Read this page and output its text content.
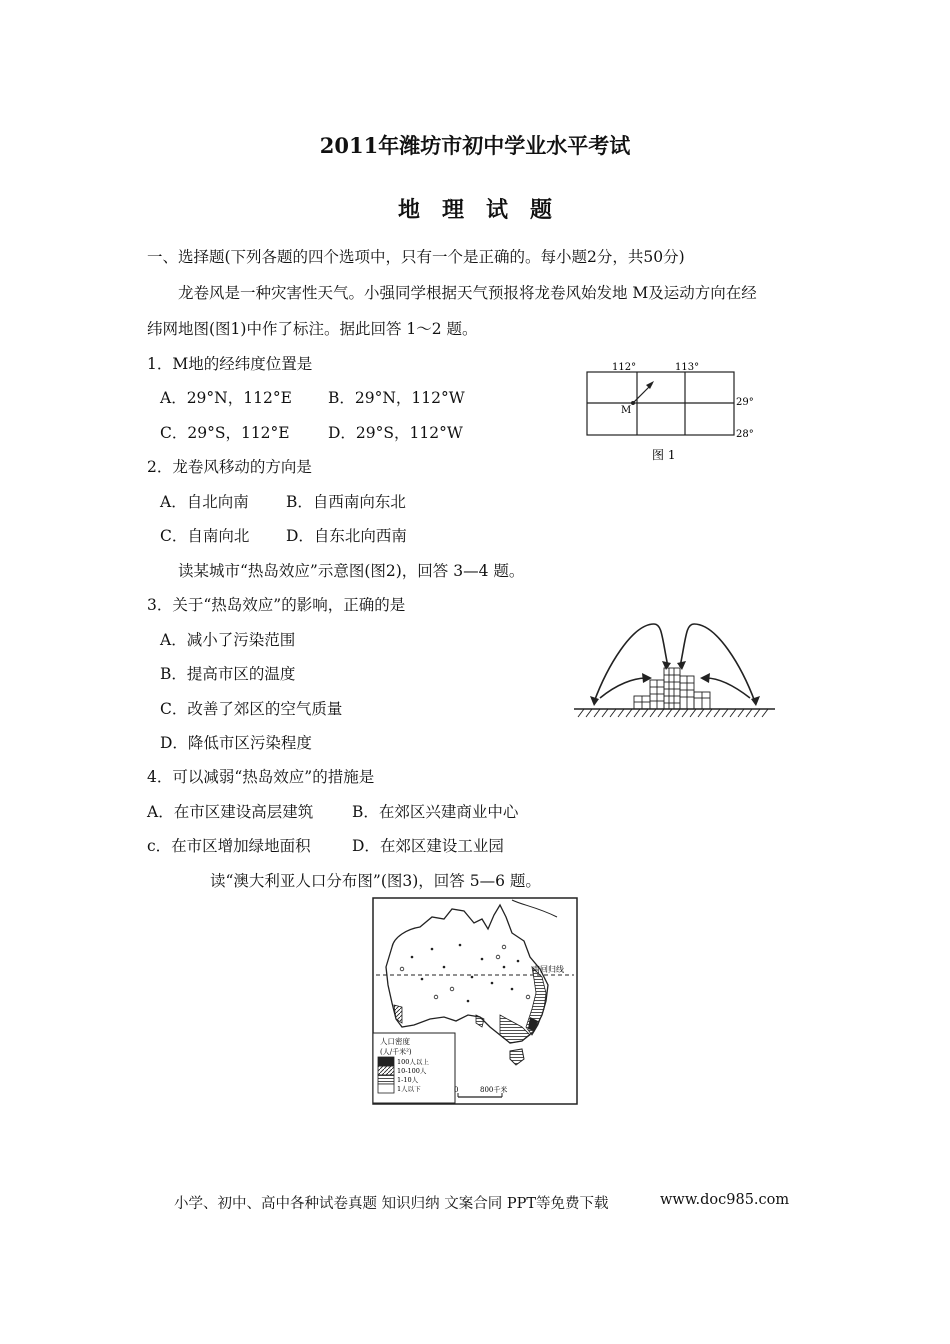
2011年潍坊市初中学业水平考试
地　理　试　题
一、选择题(下列各题的四个选项中，只有一个是正确的。每小题2分，共50分)
龙卷风是一种灾害性天气。小强同学根据天气预报将龙卷风始发地 M及运动方向在经
纬网地图(图1)中作了标注。据此回答 1～2 题。
1．M地的经纬度位置是
A．29°N，112°E B．29°N，112°W
C．29°S，112°E D．29°S，112°W
2．龙卷风移动的方向是
A．自北向南 B．自西南向东北
C．自南向北 D．自东北向西南
读某城市“热岛效应”示意图(图2)，回答 3—4 题。
3．关于“热岛效应”的影响，正确的是
A．减小了污染范围
B．提高市区的温度
C．改善了郊区的空气质量
D．降低市区污染程度
4．可以减弱“热岛效应”的措施是
A．在市区建设高层建筑	B．在郊区兴建商业中心
c．在市区增加绿地面积	D．在郊区建设工业园
读“澳大利亚人口分布图”(图3)，回答 5—6 题。
112°	113°
29°
28°
M
图 1
南回归线
人口密度
(人/千米²)
100人以上
10-100人
1-10人
1人以下	0	800千米
小学、初中、高中各种试卷真题 知识归纳 文案合同 PPT等免费下载	www.doc985.com
